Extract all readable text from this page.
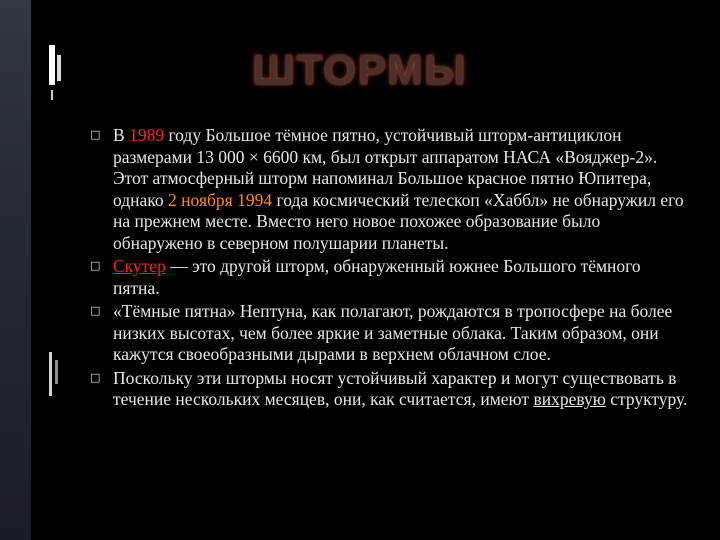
ШТОРМЫ
□ В 1989 году Большое тёмное пятно, устойчивый шторм-антициклон размерами 13 000 × 6600 км, был открыт аппаратом НАСА «Вояджер-2». Этот атмосферный шторм напоминал Большое красное пятно Юпитера, однако 2 ноября 1994 года космический телескоп «Хаббл» не обнаружил его на прежнем месте. Вместо него новое похожее образование было обнаружено в северном полушарии планеты.
□ Скутер — это другой шторм, обнаруженный южнее Большого тёмного пятна.
□ «Тёмные пятна» Нептуна, как полагают, рождаются в тропосфере на более низких высотах, чем более яркие и заметные облака. Таким образом, они кажутся своеобразными дырами в верхнем облачном слое.
□ Поскольку эти штормы носят устойчивый характер и могут существовать в течение нескольких месяцев, они, как считается, имеют вихревую структуру.
